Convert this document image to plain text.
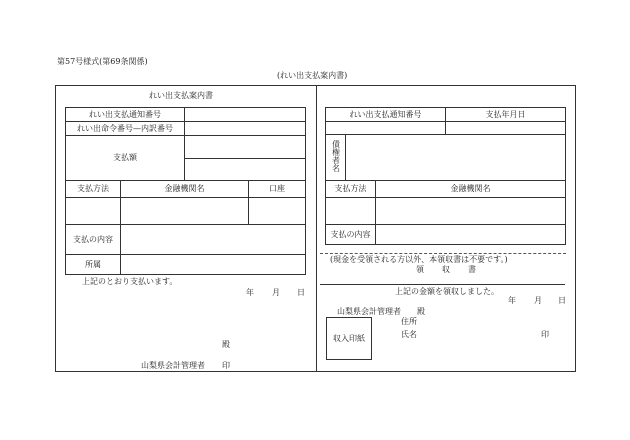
第57号様式(第69条関係)
(れい出支払案内書)
れい出支払案内書
れい出支払通知番号			
れい出命令番号—内訳番号			
支払額			

支払方法	金融機関名		口座

支払の内容			
所属			
上記のとおり支払います。
年 月 日
殿
山梨県会計管理者 印
れい出支払通知番号			支払年月日

債権者名			
支払方法		金融機関名	

支払の内容			
(現金を受領される方以外、本領収書は不要です。)
領収書
上記の金額を領収しました。
年 月 日
山梨県会計管理者 殿
収入印紙
住所
氏名	印
